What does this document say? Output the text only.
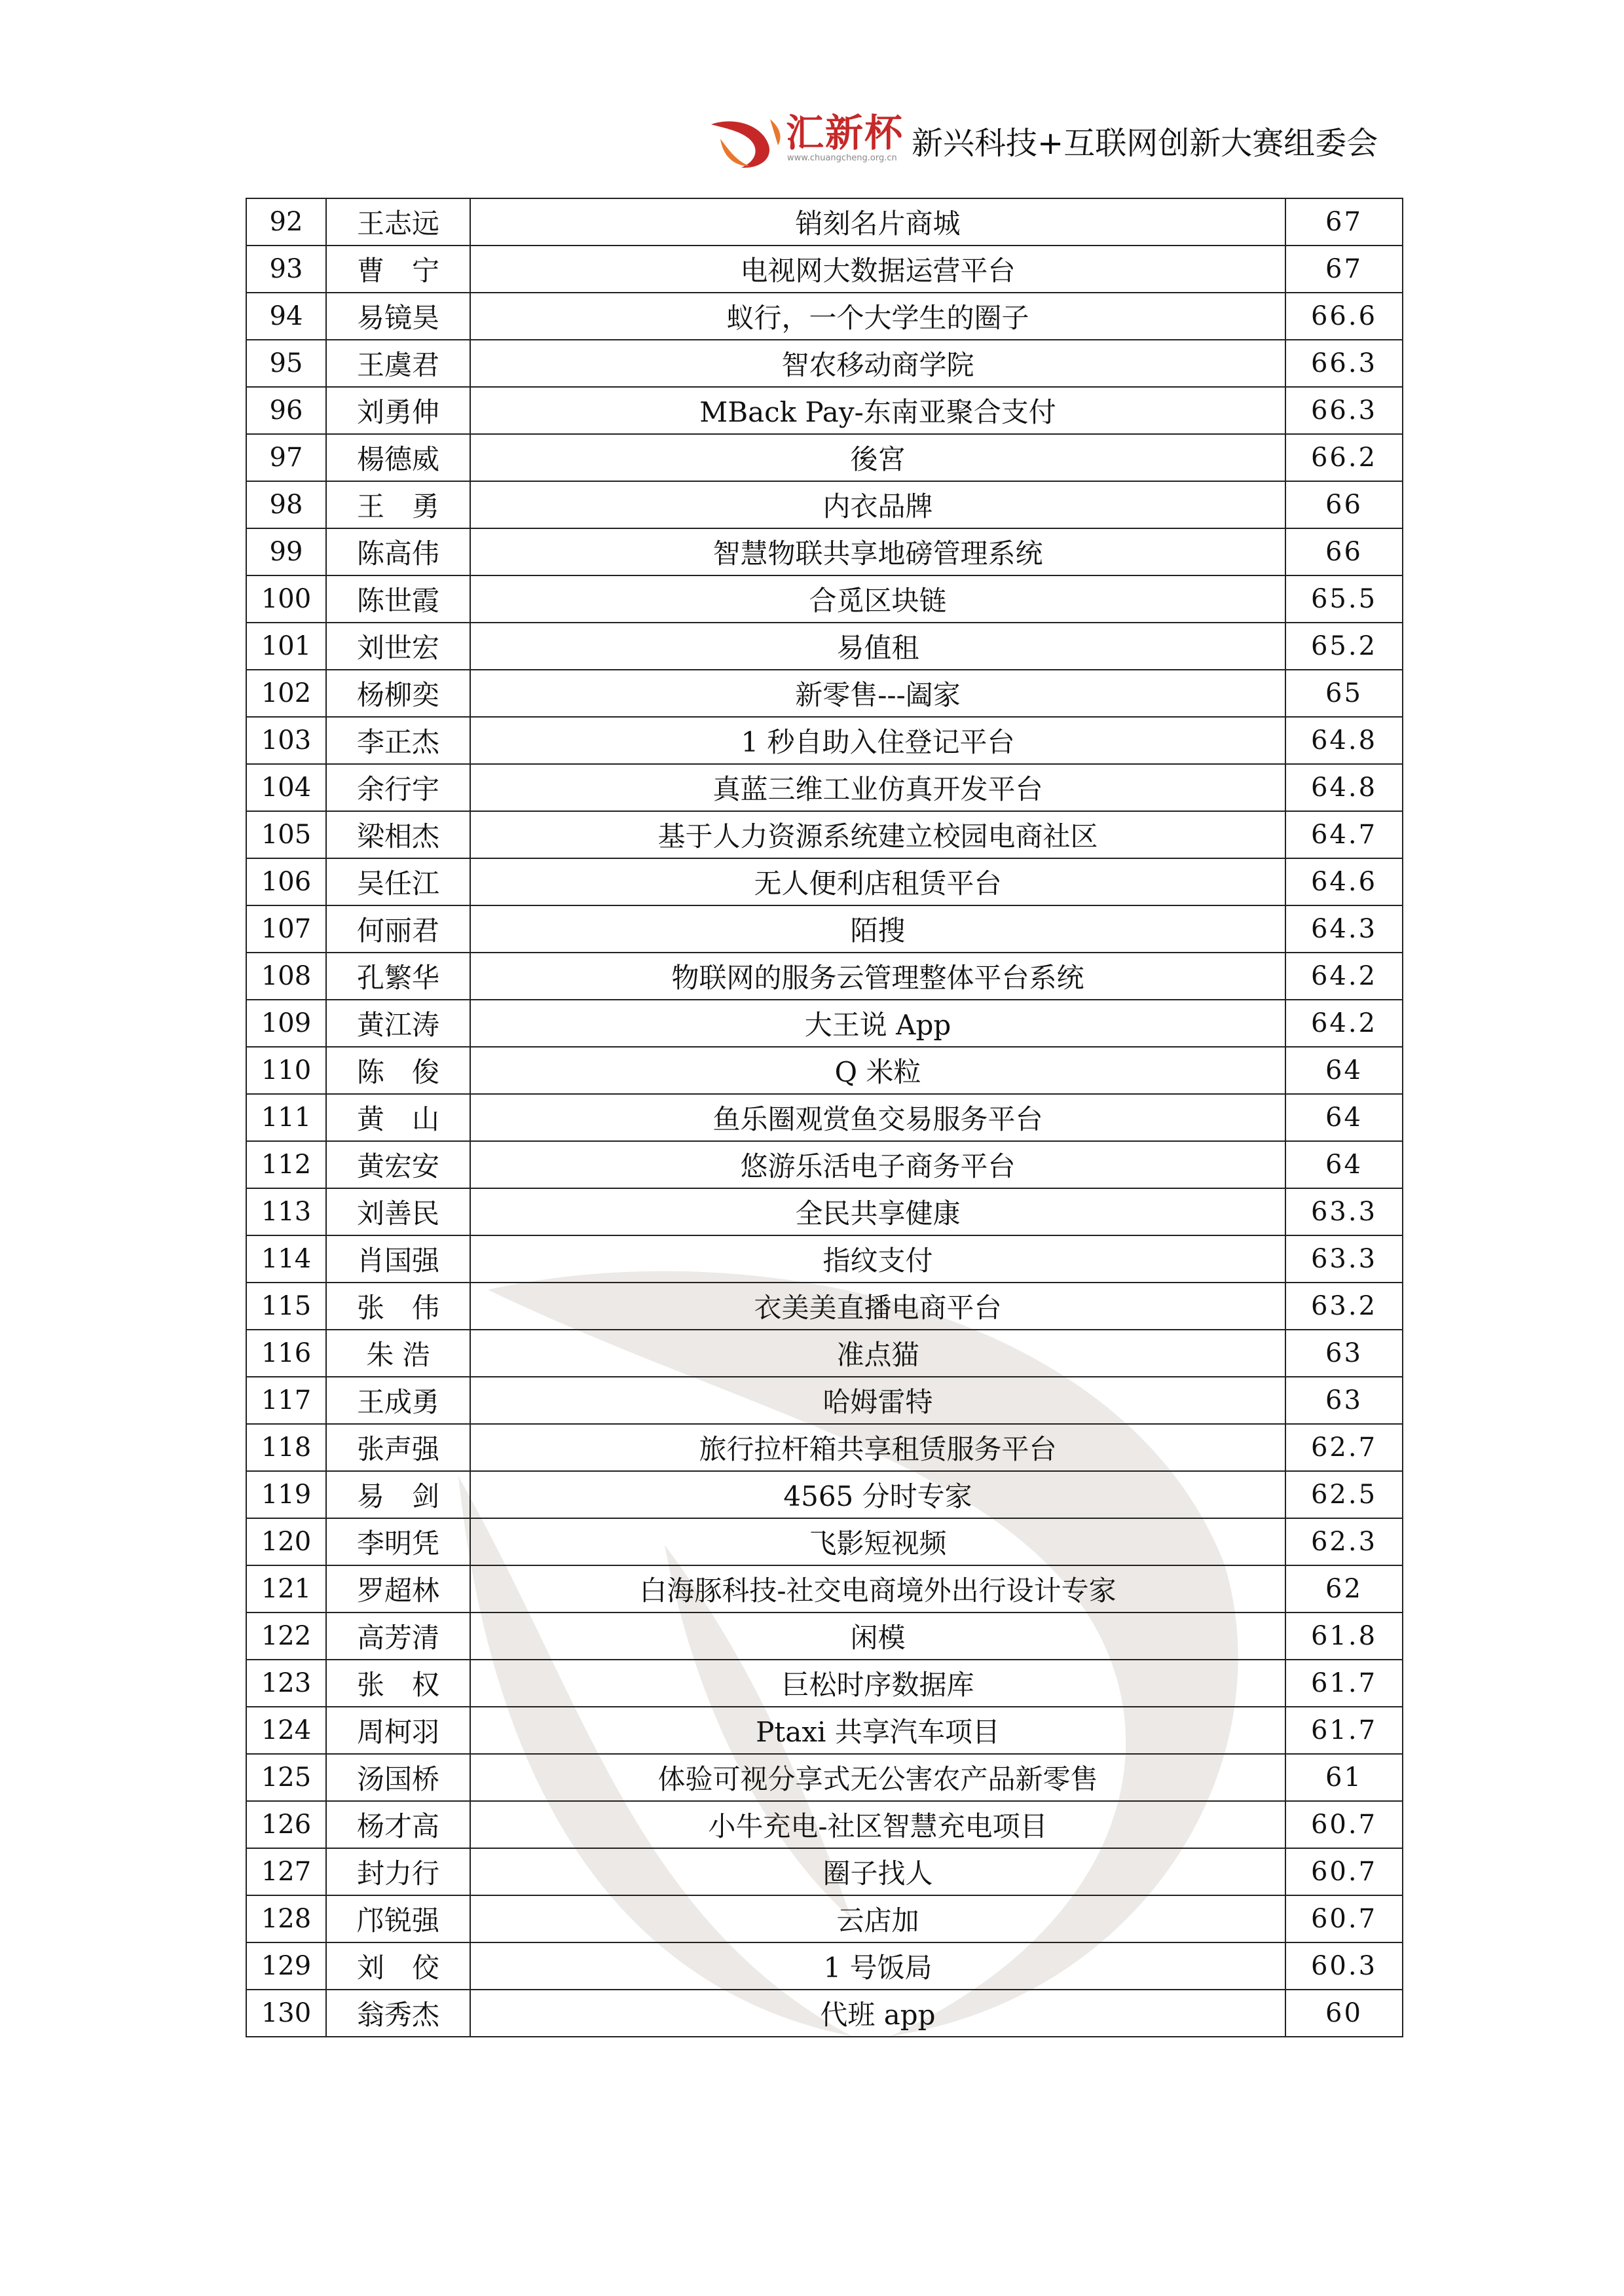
汇新杯
www.chuangcheng.org.cn 新兴科技+互联网创新大赛组委会
92	王志远	销刻名片商城	67
93	曹　宁	电视网大数据运营平台	67
94	易镜昊	蚁行，一个大学生的圈子	66.6
95	王虞君	智农移动商学院	66.3
96	刘勇伸	MBack Pay-东南亚聚合支付	66.3
97	楊德威	後宮	66.2
98	王　勇	内衣品牌	66
99	陈高伟	智慧物联共享地磅管理系统	66
100	陈世霞	合觅区块链	65.5
101	刘世宏	易值租	65.2
102	杨柳奕	新零售---阖家	65
103	李正杰	1 秒自助入住登记平台	64.8
104	余行宇	真蓝三维工业仿真开发平台	64.8
105	梁相杰	基于人力资源系统建立校园电商社区	64.7
106	吴任江	无人便利店租赁平台	64.6
107	何丽君	陌搜	64.3
108	孔繁华	物联网的服务云管理整体平台系统	64.2
109	黄江涛	大王说 App	64.2
110	陈　俊	Q 米粒	64
111	黄　山	鱼乐圈观赏鱼交易服务平台	64
112	黄宏安	悠游乐活电子商务平台	64
113	刘善民	全民共享健康	63.3
114	肖国强	指纹支付	63.3
115	张　伟	衣美美直播电商平台	63.2
116	朱 浩	准点猫	63
117	王成勇	哈姆雷特	63
118	张声强	旅行拉杆箱共享租赁服务平台	62.7
119	易　剑	4565 分时专家	62.5
120	李明凭	飞影短视频	62.3
121	罗超林	白海豚科技-社交电商境外出行设计专家	62
122	高芳清	闲模	61.8
123	张　权	巨松时序数据库	61.7
124	周柯羽	Ptaxi 共享汽车项目	61.7
125	汤国桥	体验可视分享式无公害农产品新零售	61
126	杨才高	小牛充电-社区智慧充电项目	60.7
127	封力行	圈子找人	60.7
128	邝锐强	云店加	60.7
129	刘　佼	1 号饭局	60.3
130	翁秀杰	代班 app	60
